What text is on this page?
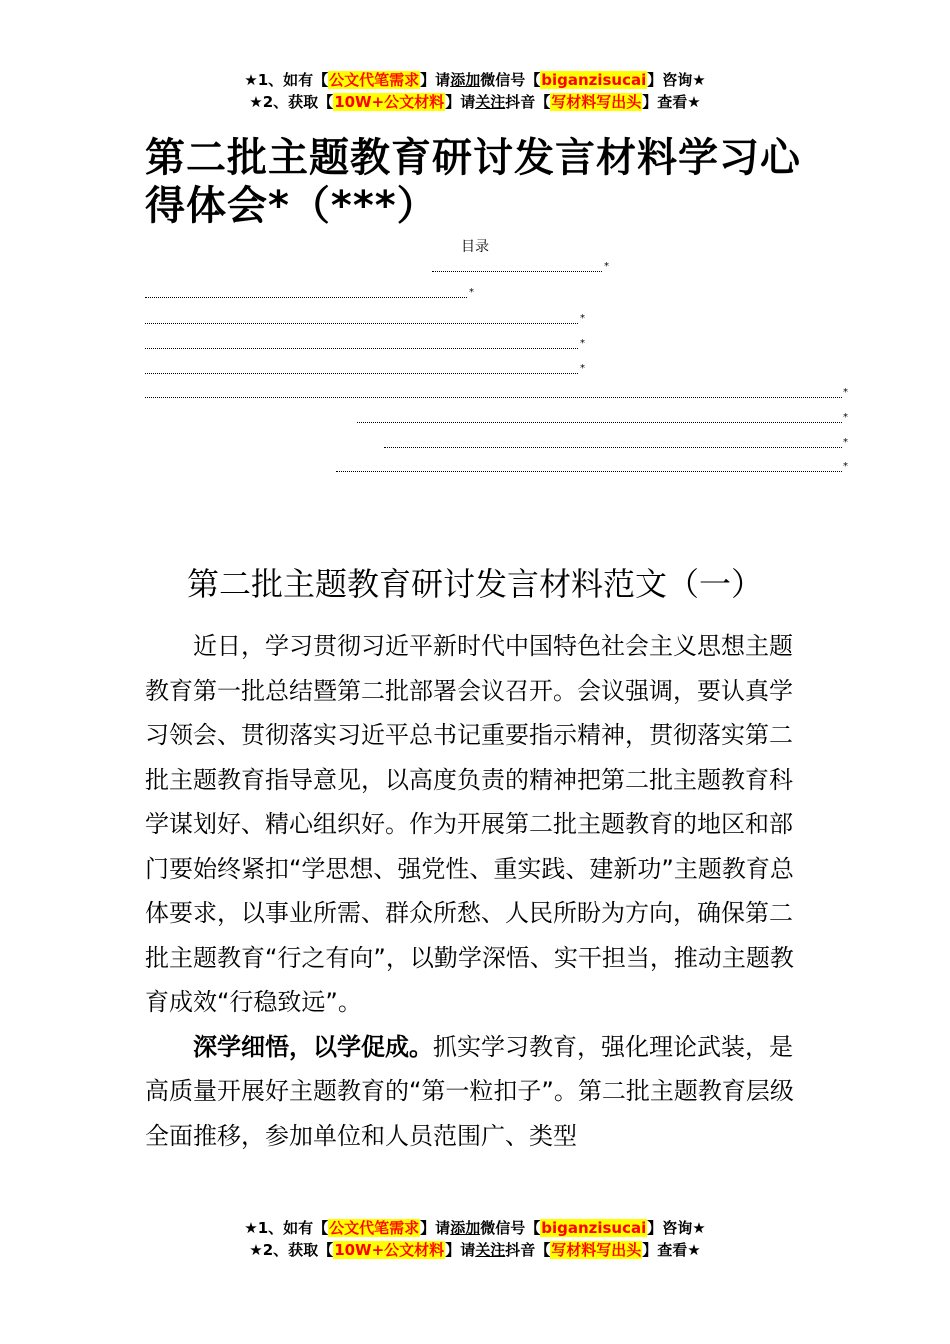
★1、如有【公文代笔需求】请添加微信号【biganzisucai】咨询★
★2、获取【10W+公文材料】请关注抖音【写材料写出头】查看★
第二批主题教育研讨发言材料学习心得体会*（***）
目录
*
*
*
*
*
*
*
*
*
第二批主题教育研讨发言材料范文（一）

近日，学习贯彻习近平新时代中国特色社会主义思想主题教育第一批总结暨第二批部署会议召开。会议强调，要认真学习领会、贯彻落实习近平总书记重要指示精神，贯彻落实第二批主题教育指导意见，以高度负责的精神把第二批主题教育科学谋划好、精心组织好。作为开展第二批主题教育的地区和部门要始终紧扣“学思想、强党性、重实践、建新功”主题教育总体要求，以事业所需、群众所愁、人民所盼为方向，确保第二批主题教育“行之有向”，以勤学深悟、实干担当，推动主题教育成效“行稳致远”。

深学细悟，以学促成。抓实学习教育，强化理论武装，是高质量开展好主题教育的“第一粒扣子”。第二批主题教育层级全面推移，参加单位和人员范围广、类型

★1、如有【公文代笔需求】请添加微信号【biganzisucai】咨询★
★2、获取【10W+公文材料】请关注抖音【写材料写出头】查看★
